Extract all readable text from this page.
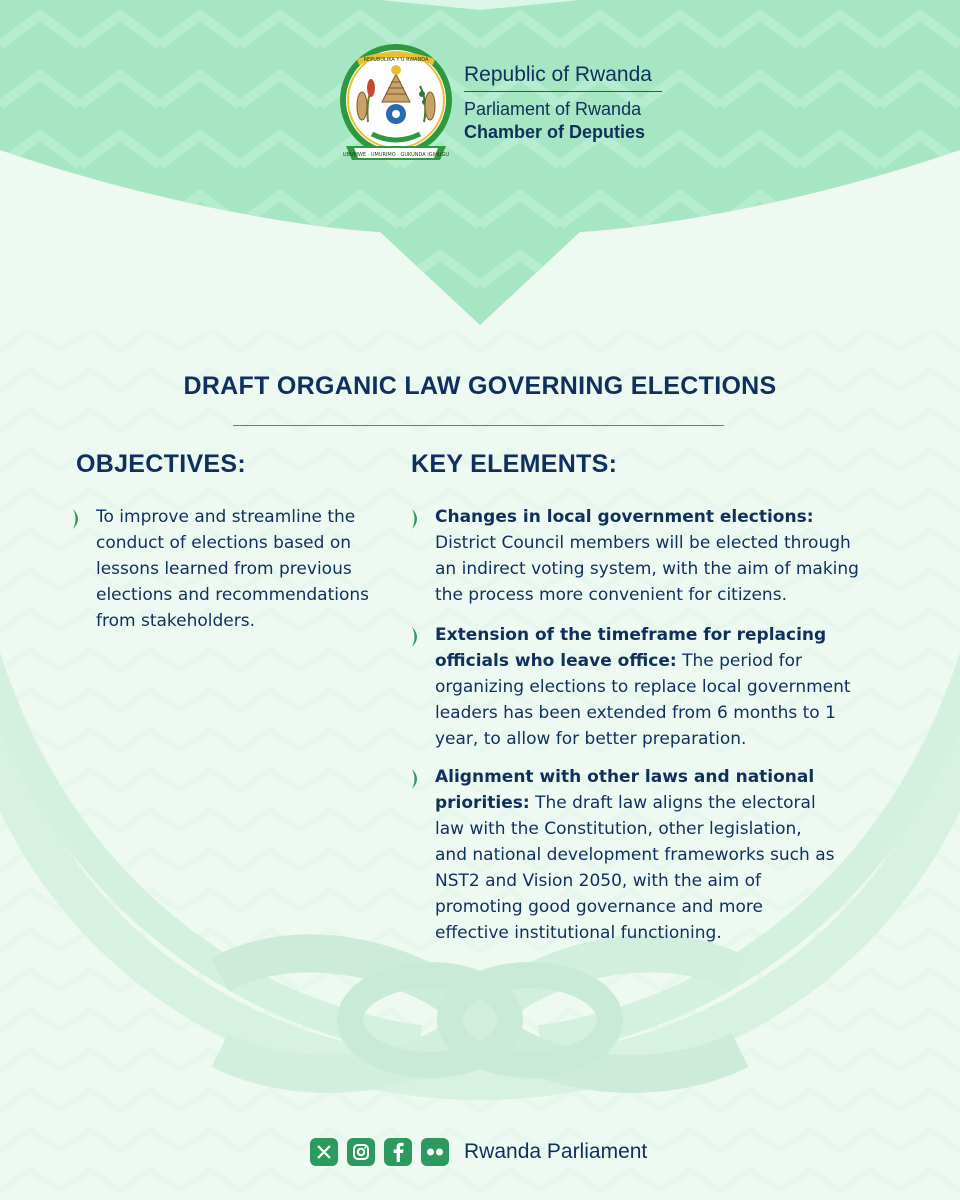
UBUMWE · UMURIMO · GUKUNDA IGIHUGU
REPUBULIKA Y'U RWANDA
Republic of Rwanda
Parliament of Rwanda
Chamber of Deputies
DRAFT ORGANIC LAW GOVERNING ELECTIONS
OBJECTIVES:	KEY ELEMENTS:
To improve and streamline the
conduct of elections based on
lessons learned from previous
elections and recommendations
from stakeholders.
Changes in local government elections:
District Council members will be elected through
an indirect voting system, with the aim of making
the process more convenient for citizens.
Extension of the timeframe for replacing
officials who leave office: The period for
organizing elections to replace local government
leaders has been extended from 6 months to 1
year, to allow for better preparation.
Alignment with other laws and national
priorities: The draft law aligns the electoral
law with the Constitution, other legislation,
and national development frameworks such as
NST2 and Vision 2050, with the aim of
promoting good governance and more
effective institutional functioning.
Rwanda Parliament
